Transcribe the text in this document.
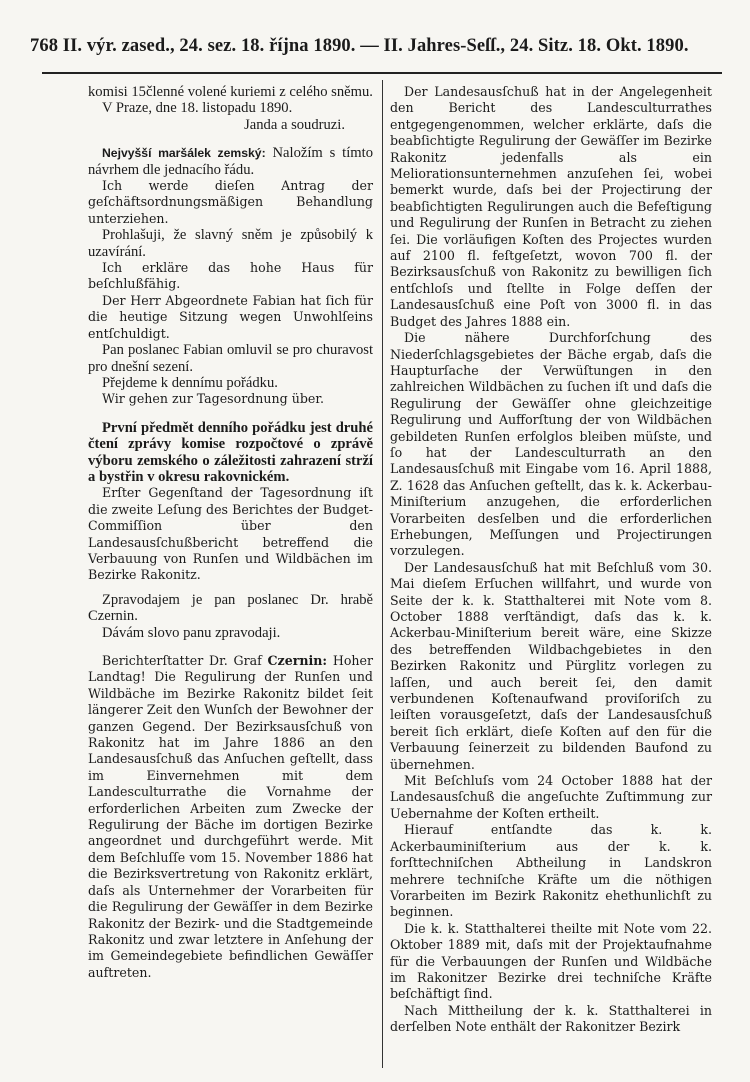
768 II. výr. zased., 24. sez. 18. října 1890. — II. Jahres-Seſſ., 24. Sitz. 18. Okt. 1890.

komisi 15členné volené kuriemi z celého sněmu.

V Praze, dne 18. listopadu 1890.

Janda a soudruzi.

Nejvyšší maršálek zemský: Naložím s tímto návrhem dle jednacího řádu.

Ich werde dieſen Antrag der geſchäftsordnungsmäßigen Behandlung unterziehen.

Prohlašuji, že slavný sněm je způsobilý k uzavírání.

Ich erkläre das hohe Haus für beſchlußfähig.

Der Herr Abgeordnete Fabian hat ſich für die heutige Sitzung wegen Unwohlſeins entſchuldigt.

Pan poslanec Fabian omluvil se pro churavost pro dnešní sezení.

Přejdeme k dennímu pořádku.

Wir gehen zur Tagesordnung über.

První předmět denního pořádku jest druhé čtení zprávy komise rozpočtové o zprávě výboru zemského o záležitosti zahrazení strží a bystřin v okresu rakovnickém.

Erſter Gegenſtand der Tagesordnung iſt die zweite Leſung des Berichtes der Budget-Commiſſion über den Landesausſchußbericht betreffend die Verbauung von Runſen und Wildbächen im Bezirke Rakonitz.

Zpravodajem je pan poslanec Dr. hrabě Czernin.

Dávám slovo panu zpravodaji.

Berichterſtatter Dr. Graf Czernin: Hoher Landtag! Die Regulirung der Runſen und Wildbäche im Bezirke Rakonitz bildet ſeit längerer Zeit den Wunſch der Bewohner der ganzen Gegend. Der Bezirksausſchuß von Rakonitz hat im Jahre 1886 an den Landesausſchuß das Anſuchen geſtellt, dass im Einvernehmen mit dem Landesculturrathe die Vornahme der erforderlichen Arbeiten zum Zwecke der Regulirung der Bäche im dortigen Bezirke angeordnet und durchgeführt werde. Mit dem Beſchluſſe vom 15. November 1886 hat die Bezirksvertretung von Rakonitz erklärt, daſs als Unternehmer der Vorarbeiten für die Regulirung der Gewäſſer in dem Bezirke Rakonitz der Bezirk- und die Stadtgemeinde Rakonitz und zwar letztere in Anſehung der im Gemeindegebiete befindlichen Gewäſſer auftreten.

Der Landesausſchuß hat in der Angelegenheit den Bericht des Landesculturrathes entgegengenommen, welcher erklärte, daſs die beabſichtigte Regulirung der Gewäſſer im Bezirke Rakonitz jedenfalls als ein Meliorationsunternehmen anzuſehen ſei, wobei bemerkt wurde, daſs bei der Projectirung der beabſichtigten Regulirungen auch die Befeſtigung und Regulirung der Runſen in Betracht zu ziehen ſei. Die vorläufigen Koſten des Projectes wurden auf 2100 fl. feſtgeſetzt, wovon 700 fl. der Bezirksausſchuß von Rakonitz zu bewilligen ſich entſchloſs und ſtellte in Folge deſſen der Landesausſchuß eine Poſt von 3000 fl. in das Budget des Jahres 1888 ein.

Die nähere Durchforſchung des Niederſchlagsgebietes der Bäche ergab, daſs die Haupturſache der Verwüſtungen in den zahlreichen Wildbächen zu ſuchen iſt und daſs die Regulirung der Gewäſſer ohne gleichzeitige Regulirung und Aufforſtung der von Wildbächen gebildeten Runſen erfolglos bleiben müſste, und ſo hat der Landesculturrath an den Landesausſchuß mit Eingabe vom 16. April 1888, Z. 1628 das Anſuchen geſtellt, das k. k. Ackerbau-Miniſterium anzugehen, die erforderlichen Vorarbeiten desſelben und die erforderlichen Erhebungen, Meſſungen und Projectirungen vorzulegen.

Der Landesausſchuß hat mit Beſchluß vom 30. Mai dieſem Erſuchen willfahrt, und wurde von Seite der k. k. Statthalterei mit Note vom 8. October 1888 verſtändigt, daſs das k. k. Ackerbau-Miniſterium bereit wäre, eine Skizze des betreffenden Wildbachgebietes in den Bezirken Rakonitz und Pürglitz vorlegen zu laſſen, und auch bereit ſei, den damit verbundenen Koſtenaufwand proviſoriſch zu leiſten vorausgeſetzt, daſs der Landesausſchuß bereit ſich erklärt, dieſe Koſten auf den für die Verbauung ſeinerzeit zu bildenden Baufond zu übernehmen.

Mit Beſchluſs vom 24 October 1888 hat der Landesausſchuß die angeſuchte Zuſtimmung zur Uebernahme der Koſten ertheilt.

Hierauf entſandte das k. k. Ackerbauminiſterium aus der k. k. forſttechniſchen Abtheilung in Landskron mehrere techniſche Kräfte um die nöthigen Vorarbeiten im Bezirk Rakonitz ehethunlichſt zu beginnen.

Die k. k. Statthalterei theilte mit Note vom 22. Oktober 1889 mit, daſs mit der Projektaufnahme für die Verbauungen der Runſen und Wildbäche im Rakonitzer Bezirke drei techniſche Kräfte beſchäftigt ſind.

Nach Mittheilung der k. k. Statthalterei in derſelben Note enthält der Rakonitzer Bezirk
